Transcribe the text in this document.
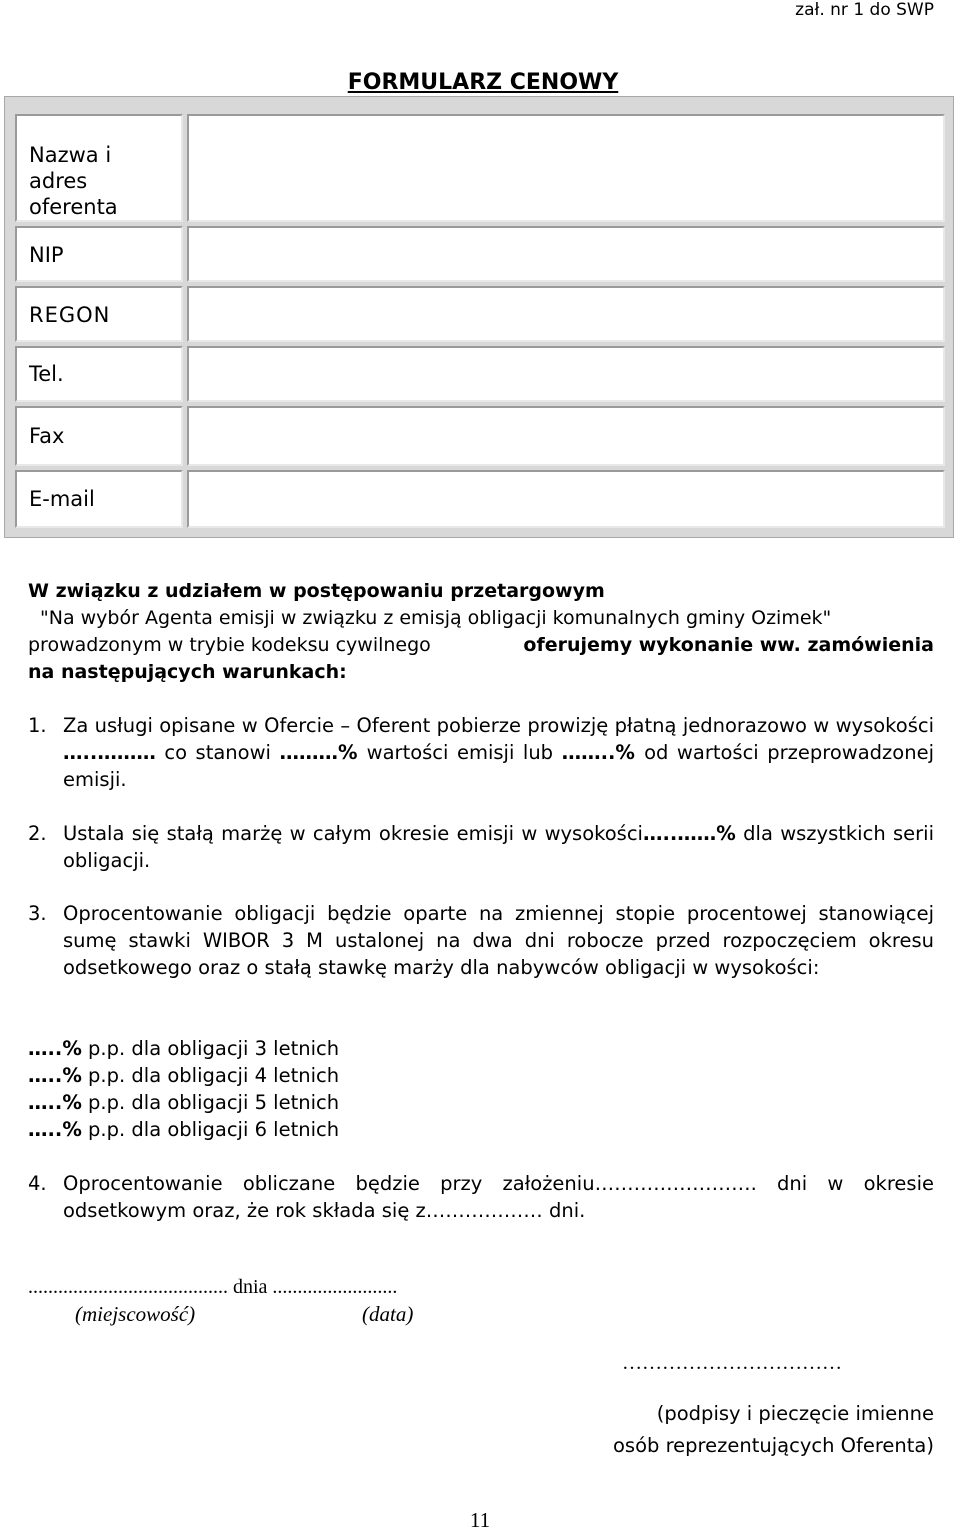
zał. nr 1 do SWP
FORMULARZ CENOWY
Nazwa i
adres
oferenta
NIP
REGON
Tel.
Fax
E-mail
W związku z udziałem w postępowaniu przetargowym
"Na wybór Agenta emisji w związku z emisją obligacji komunalnych gminy Ozimek"
prowadzonym w trybie kodeksu cywilnego	oferujemy wykonanie ww. zamówienia
na następujących warunkach:
1. Za usługi opisane w Ofercie – Oferent pobierze prowizję płatną jednorazowo w wysokości …..……… co stanowi ………% wartości emisji lub ……..% od wartości przeprowadzonej emisji.
2. Ustala się stałą marżę w całym okresie emisji w wysokości…..……% dla wszystkich serii obligacji.
3. Oprocentowanie obligacji będzie oparte na zmiennej stopie procentowej stanowiącej sumę stawki WIBOR 3 M ustalonej na dwa dni robocze przed rozpoczęciem okresu odsetkowego oraz o stałą stawkę marży dla nabywców obligacji w wysokości:
…..% p.p. dla obligacji 3 letnich
…..% p.p. dla obligacji 4 letnich
…..% p.p. dla obligacji 5 letnich
…..% p.p. dla obligacji 6 letnich
4. Oprocentowanie obliczane będzie przy założeniu……………………. dni w okresie odsetkowym oraz, że rok składa się z……………… dni.
........................................ dnia .........................
(miejscowość)	(data)
……………………………
(podpisy i pieczęcie imienne
osób reprezentujących Oferenta)
11
